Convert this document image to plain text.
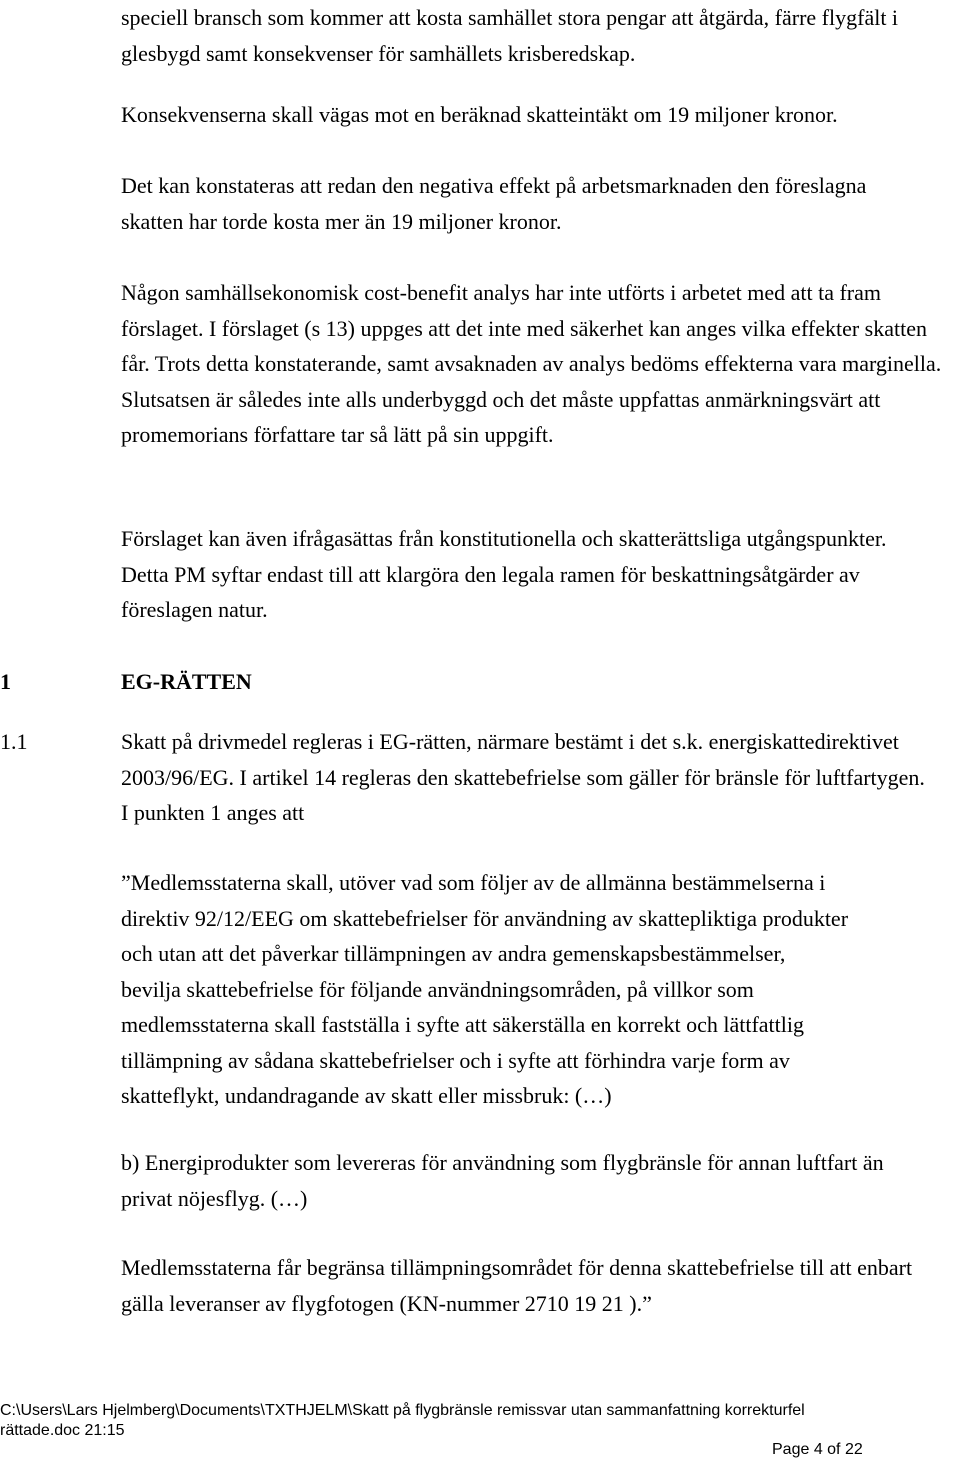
speciell bransch som kommer att kosta samhället stora pengar att åtgärda, färre flygfält i glesbygd samt konsekvenser för samhällets krisberedskap.

Konsekvenserna skall vägas mot en beräknad skatteintäkt om 19 miljoner kronor.

Det kan konstateras att redan den negativa effekt på arbetsmarknaden den föreslagna skatten har torde kosta mer än 19 miljoner kronor.

Någon samhällsekonomisk cost-benefit analys har inte utförts i arbetet med att ta fram förslaget. I förslaget (s 13) uppges att det inte med säkerhet kan anges vilka effekter skatten får. Trots detta konstaterande, samt avsaknaden av analys bedöms effekterna vara marginella. Slutsatsen är således inte alls underbyggd och det måste uppfattas anmärkningsvärt att promemorians författare tar så lätt på sin uppgift.

Förslaget kan även ifrågasättas från konstitutionella och skatterättsliga utgångspunkter. Detta PM syftar endast till att klargöra den legala ramen för beskattningsåtgärder av föreslagen natur.

1	EG-RÄTTEN
1.1	Skatt på drivmedel regleras i EG-rätten, närmare bestämt i det s.k. energiskattedirektivet 2003/96/EG. I artikel 14 regleras den skattebefrielse som gäller för bränsle för luftfartygen. I punkten 1 anges att

”Medlemsstaterna skall, utöver vad som följer av de allmänna bestämmelserna i
direktiv 92/12/EEG om skattebefrielser för användning av skattepliktiga produkter
och utan att det påverkar tillämpningen av andra gemenskapsbestämmelser,
bevilja skattebefrielse för följande användningsområden, på villkor som
medlemsstaterna skall fastställa i syfte att säkerställa en korrekt och lättfattlig
tillämpning av sådana skattebefrielser och i syfte att förhindra varje form av
skatteflykt, undandragande av skatt eller missbruk: (…)

b) Energiprodukter som levereras för användning som flygbränsle för annan luftfart än privat nöjesflyg. (…)

Medlemsstaterna får begränsa tillämpningsområdet för denna skattebefrielse till att enbart gälla leveranser av flygfotogen (KN-nummer 2710 19 21 ).”

C:\Users\Lars Hjelmberg\Documents\TXTHJELM\Skatt på flygbränsle remissvar utan sammanfattning korrekturfel
rättade.doc 21:15
Page 4 of 22
